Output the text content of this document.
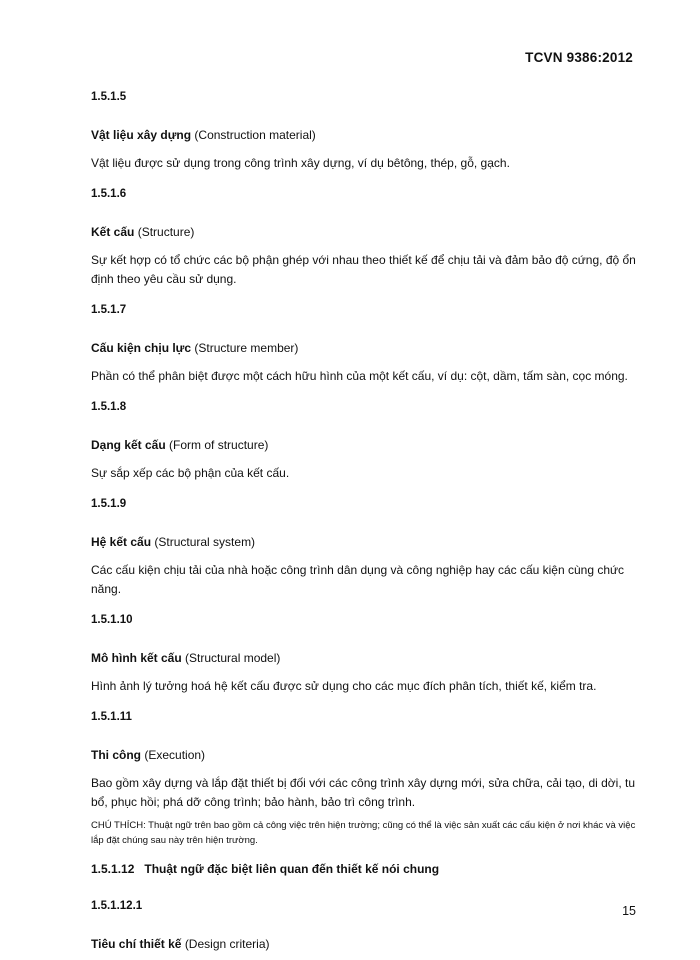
TCVN 9386:2012

1.5.1.5

Vật liệu xây dựng (Construction material)

Vật liệu được sử dụng trong công trình xây dựng, ví dụ bêtông, thép, gỗ, gạch.

1.5.1.6

Kết cấu (Structure)

Sự kết hợp có tổ chức các bộ phận ghép với nhau theo thiết kế để chịu tải và đảm bảo độ cứng, độ ổn định theo yêu cầu sử dụng.

1.5.1.7

Cấu kiện chịu lực (Structure member)

Phần có thể phân biệt được một cách hữu hình của một kết cấu, ví dụ: cột, dầm, tấm sàn, cọc móng.

1.5.1.8

Dạng kết cấu (Form of structure)

Sự sắp xếp các bộ phận của kết cấu.

1.5.1.9

Hệ kết cấu (Structural system)

Các cấu kiện chịu tải của nhà hoặc công trình dân dụng và công nghiệp hay các cấu kiện cùng chức năng.

1.5.1.10

Mô hình kết cấu (Structural model)

Hình ảnh lý tưởng hoá hệ kết cấu được sử dụng cho các mục đích phân tích, thiết kế, kiểm tra.

1.5.1.11

Thi công (Execution)

Bao gồm xây dựng và lắp đặt thiết bị đối với các công trình xây dựng mới, sửa chữa, cải tạo, di dời, tu bổ, phục hồi; phá dỡ công trình; bảo hành, bảo trì công trình.

CHÚ THÍCH: Thuật ngữ trên bao gồm cả công việc trên hiện trường; cũng có thể là việc sản xuất các cấu kiện ở nơi khác và việc lắp đặt chúng sau này trên hiện trường.

1.5.1.12 Thuật ngữ đặc biệt liên quan đến thiết kế nói chung

1.5.1.12.1

Tiêu chí thiết kế (Design criteria)

15
